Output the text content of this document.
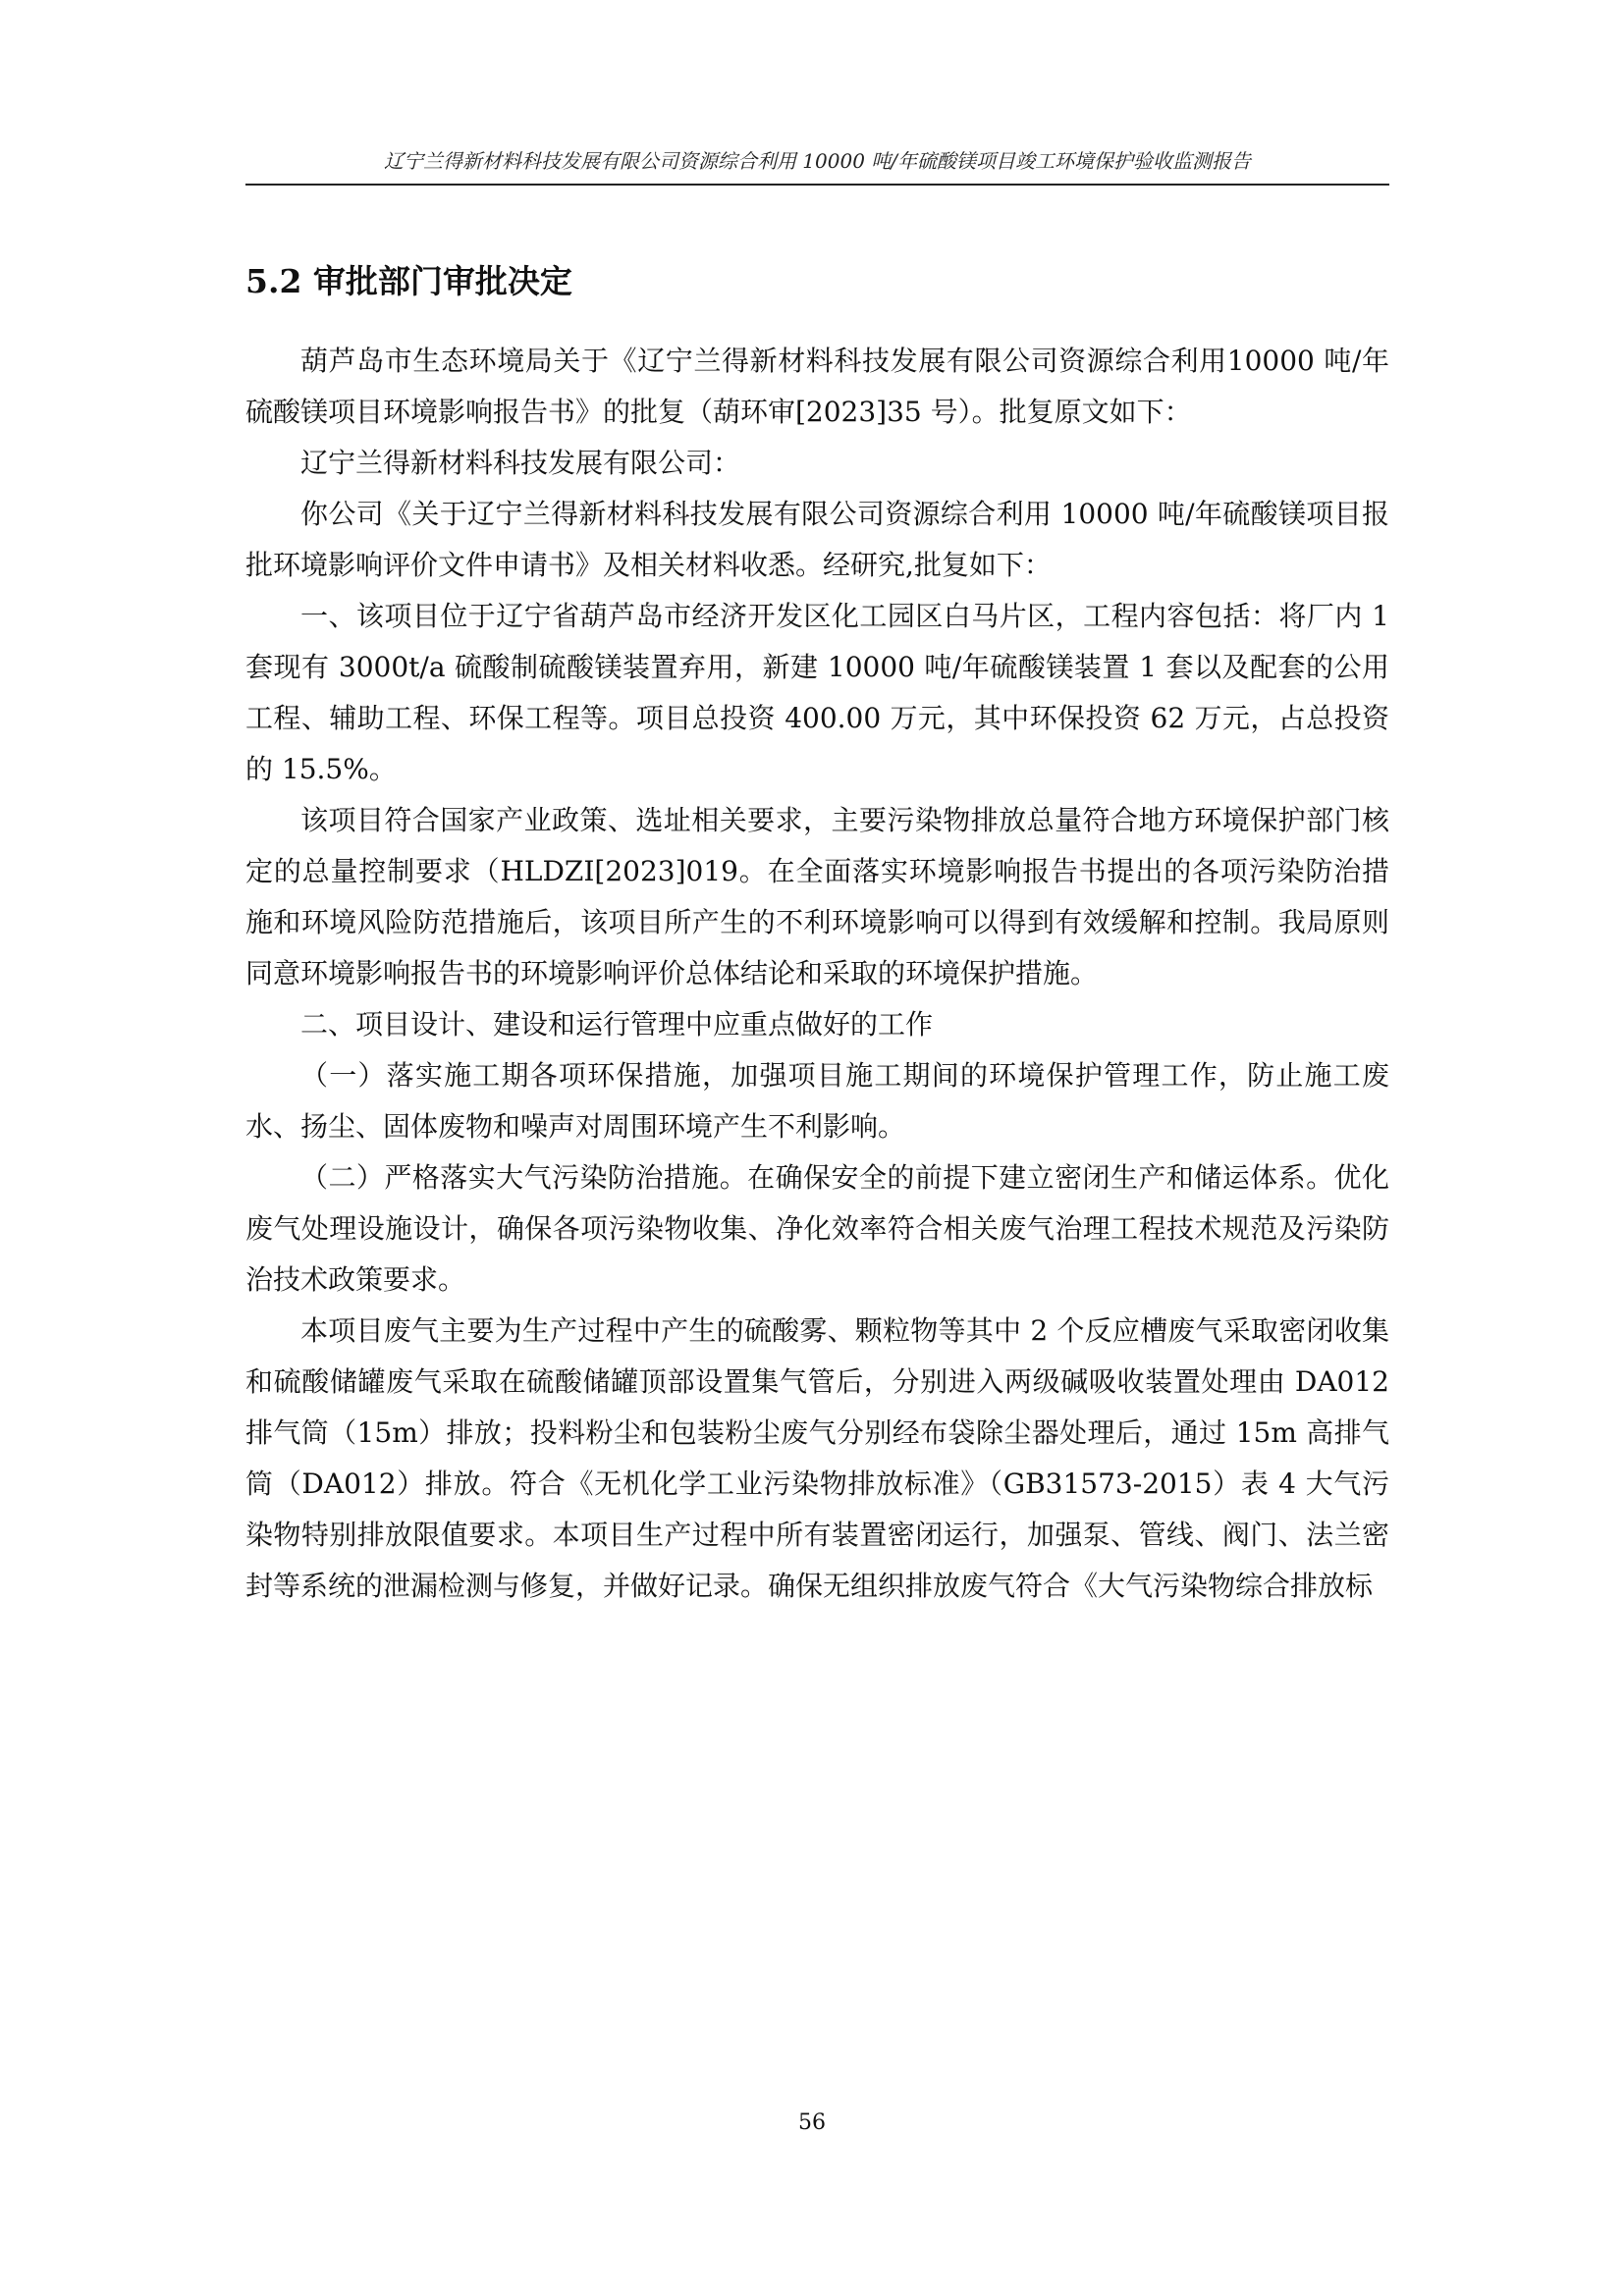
辽宁兰得新材料科技发展有限公司资源综合利用 10000 吨/年硫酸镁项目竣工环境保护验收监测报告
5.2 审批部门审批决定

葫芦岛市生态环境局关于《辽宁兰得新材料科技发展有限公司资源综合利用10000 吨/年硫酸镁项目环境影响报告书》的批复（葫环审[2023]35 号）。批复原文如下：

辽宁兰得新材料科技发展有限公司：

你公司《关于辽宁兰得新材料科技发展有限公司资源综合利用 10000 吨/年硫酸镁项目报批环境影响评价文件申请书》及相关材料收悉。经研究,批复如下：

一、该项目位于辽宁省葫芦岛市经济开发区化工园区白马片区，工程内容包括：将厂内 1 套现有 3000t/a 硫酸制硫酸镁装置弃用，新建 10000 吨/年硫酸镁装置 1 套以及配套的公用工程、辅助工程、环保工程等。项目总投资 400.00 万元，其中环保投资 62 万元，占总投资的 15.5%。

该项目符合国家产业政策、选址相关要求，主要污染物排放总量符合地方环境保护部门核定的总量控制要求（HLDZI[2023]019。在全面落实环境影响报告书提出的各项污染防治措施和环境风险防范措施后，该项目所产生的不利环境影响可以得到有效缓解和控制。我局原则同意环境影响报告书的环境影响评价总体结论和采取的环境保护措施。

二、项目设计、建设和运行管理中应重点做好的工作

（一）落实施工期各项环保措施，加强项目施工期间的环境保护管理工作，防止施工废水、扬尘、固体废物和噪声对周围环境产生不利影响。

（二）严格落实大气污染防治措施。在确保安全的前提下建立密闭生产和储运体系。优化废气处理设施设计，确保各项污染物收集、净化效率符合相关废气治理工程技术规范及污染防治技术政策要求。

本项目废气主要为生产过程中产生的硫酸雾、颗粒物等其中 2 个反应槽废气采取密闭收集和硫酸储罐废气采取在硫酸储罐顶部设置集气管后，分别进入两级碱吸收装置处理由 DA012 排气筒（15m）排放；投料粉尘和包装粉尘废气分别经布袋除尘器处理后，通过 15m 高排气筒（DA012）排放。符合《无机化学工业污染物排放标准》（GB31573-2015）表 4 大气污染物特别排放限值要求。本项目生产过程中所有装置密闭运行，加强泵、管线、阀门、法兰密封等系统的泄漏检测与修复，并做好记录。确保无组织排放废气符合《大气污染物综合排放标

56
